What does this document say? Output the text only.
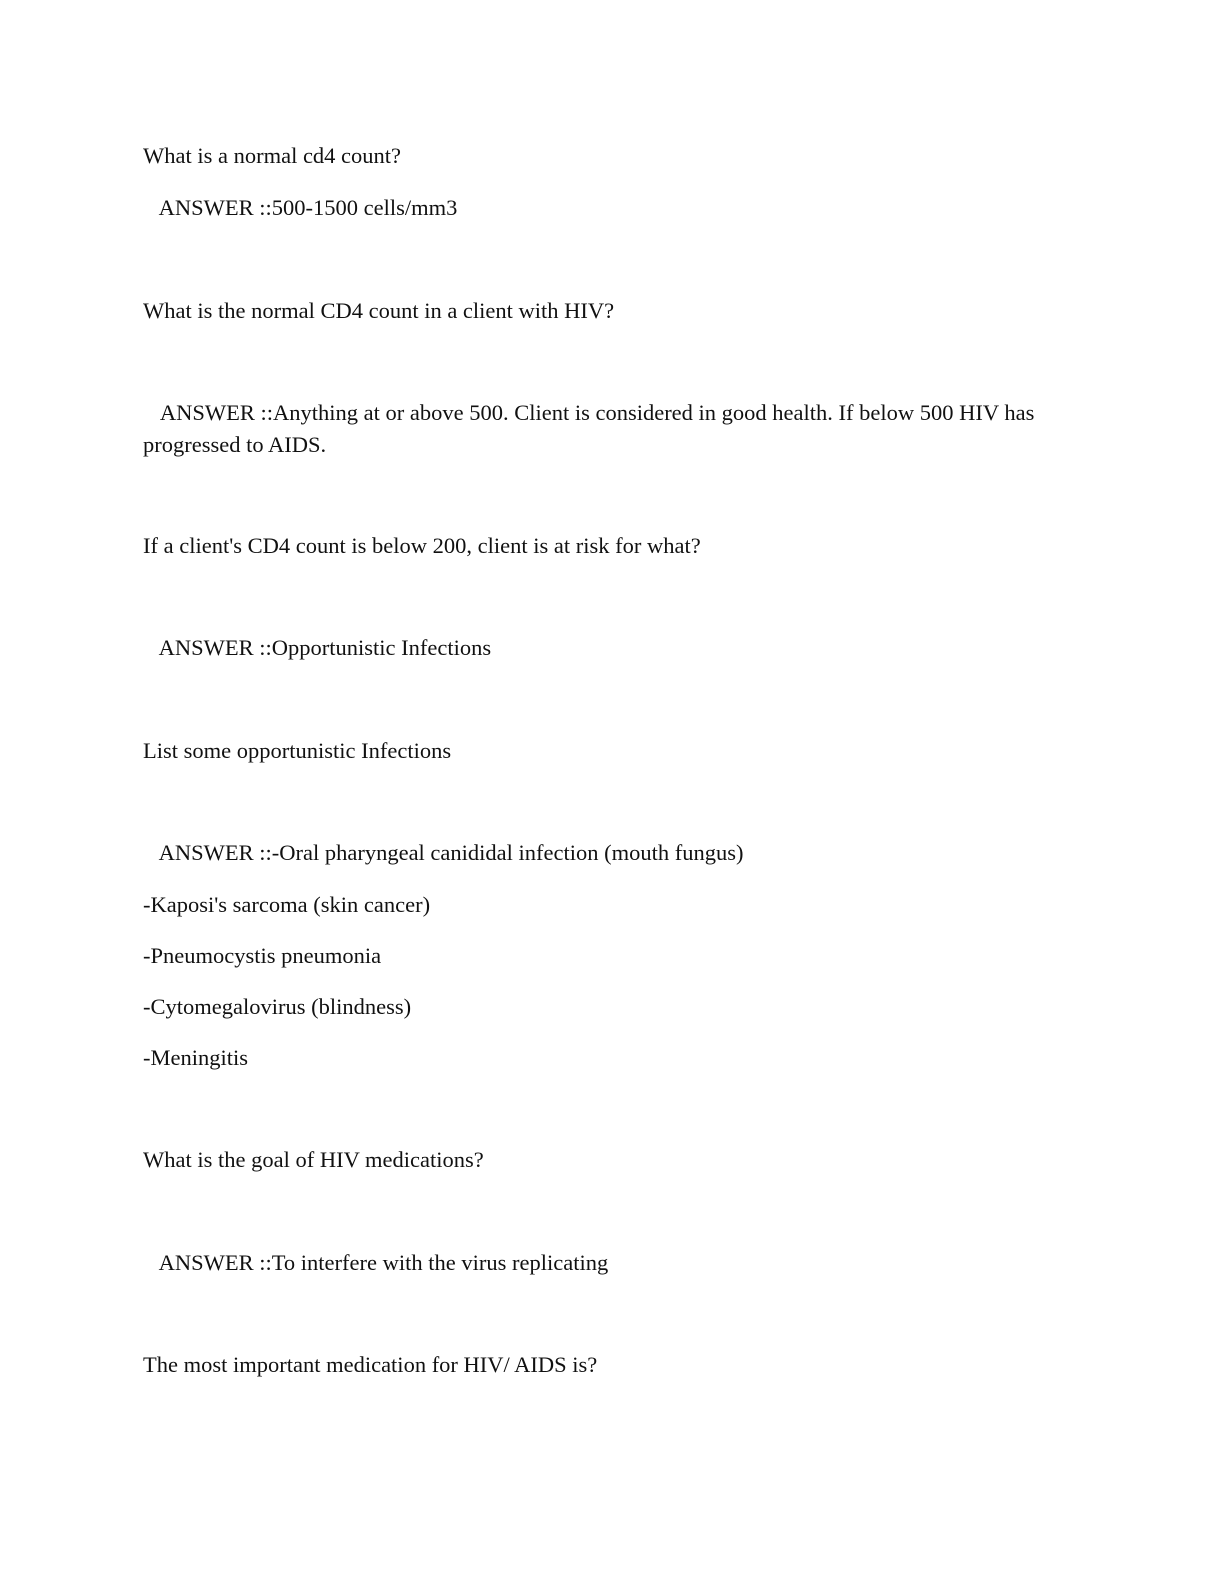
What is a normal cd4 count?
ANSWER ::500-1500 cells/mm3
What is the normal CD4 count in a client with HIV?
ANSWER ::Anything at or above 500. Client is considered in good health. If below 500 HIV has progressed to AIDS.
If a client's CD4 count is below 200, client is at risk for what?
ANSWER ::Opportunistic Infections
List some opportunistic Infections
ANSWER ::-Oral pharyngeal canididal infection (mouth fungus)
-Kaposi's sarcoma (skin cancer)
-Pneumocystis pneumonia
-Cytomegalovirus (blindness)
-Meningitis
What is the goal of HIV medications?
ANSWER ::To interfere with the virus replicating
The most important medication for HIV/ AIDS is?
